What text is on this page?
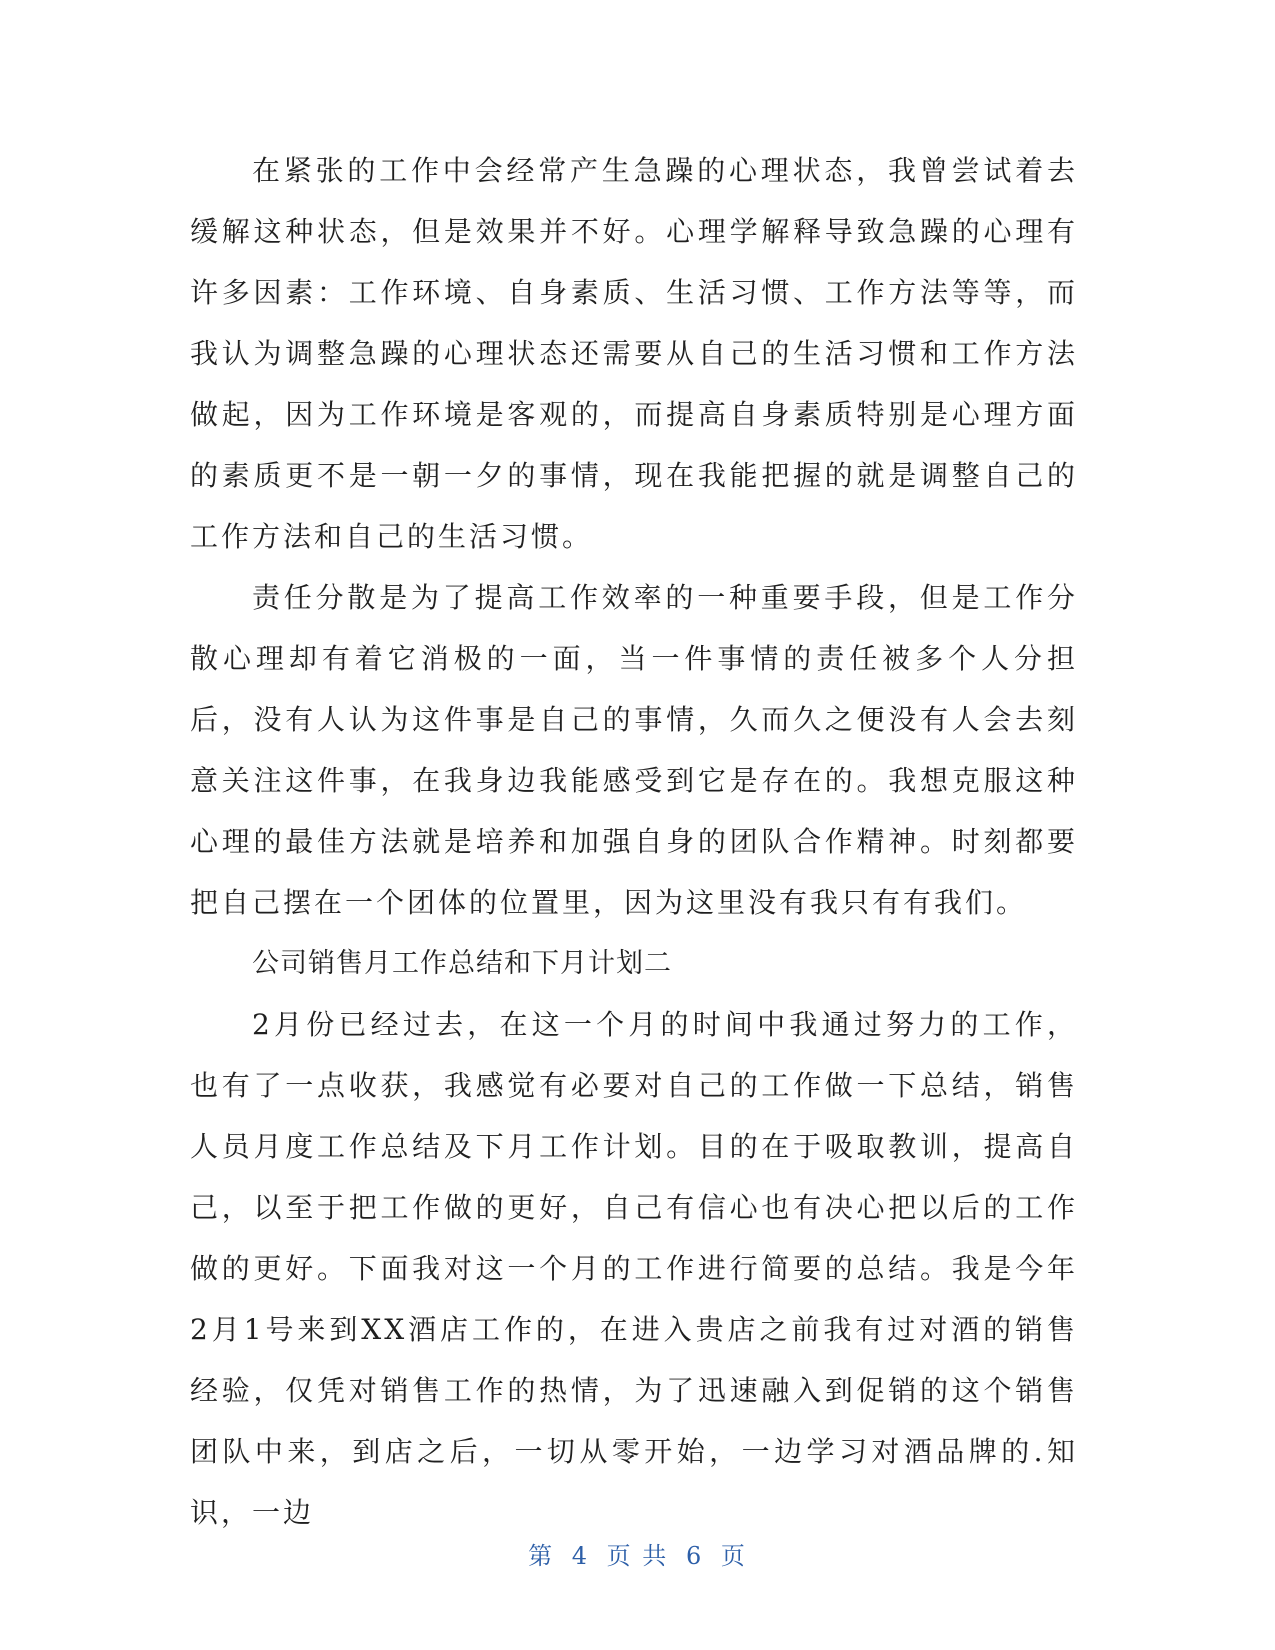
在紧张的工作中会经常产生急躁的心理状态，我曾尝试着去缓解这种状态，但是效果并不好。心理学解释导致急躁的心理有许多因素：工作环境、自身素质、生活习惯、工作方法等等，而我认为调整急躁的心理状态还需要从自己的生活习惯和工作方法做起，因为工作环境是客观的，而提高自身素质特别是心理方面的素质更不是一朝一夕的事情，现在我能把握的就是调整自己的工作方法和自己的生活习惯。

责任分散是为了提高工作效率的一种重要手段，但是工作分散心理却有着它消极的一面，当一件事情的责任被多个人分担后，没有人认为这件事是自己的事情，久而久之便没有人会去刻意关注这件事，在我身边我能感受到它是存在的。我想克服这种心理的最佳方法就是培养和加强自身的团队合作精神。时刻都要把自己摆在一个团体的位置里，因为这里没有我只有有我们。

公司销售月工作总结和下月计划二

2月份已经过去，在这一个月的时间中我通过努力的工作，也有了一点收获，我感觉有必要对自己的工作做一下总结，销售人员月度工作总结及下月工作计划。目的在于吸取教训，提高自己，以至于把工作做的更好，自己有信心也有决心把以后的工作做的更好。下面我对这一个月的工作进行简要的总结。我是今年2月1号来到XX酒店工作的，在进入贵店之前我有过对酒的销售经验，仅凭对销售工作的热情，为了迅速融入到促销的这个销售团队中来，到店之后，一切从零开始，一边学习对酒品牌的.知识，一边

第 4 页 共 6 页
